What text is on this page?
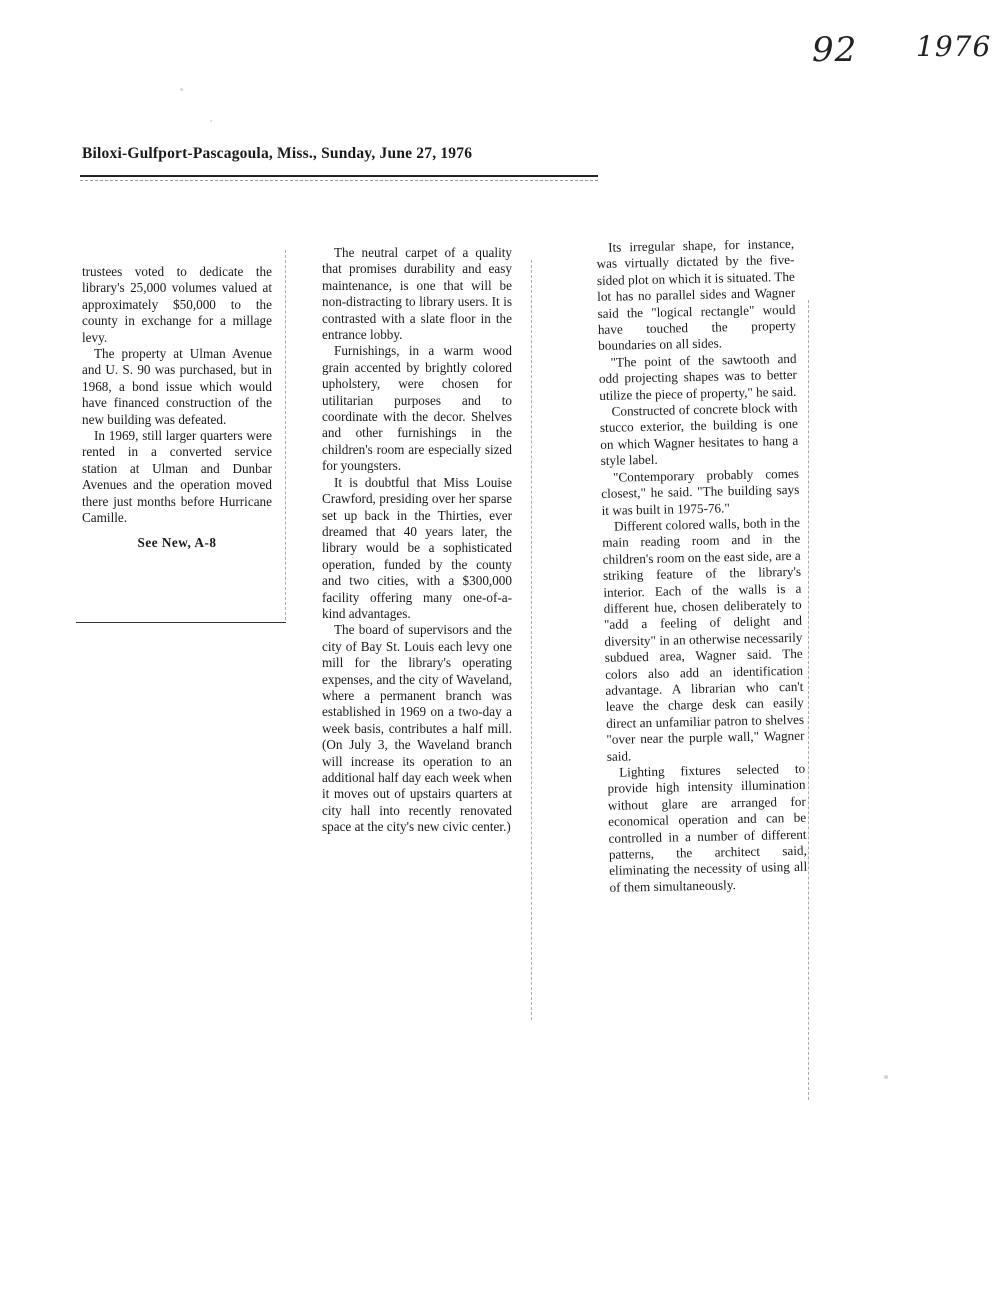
92 1976
Biloxi-Gulfport-Pascagoula, Miss., Sunday, June 27, 1976

trustees voted to dedicate the library's 25,000 volumes valued at approximately $50,000 to the county in exchange for a millage levy.

The property at Ulman Avenue and U. S. 90 was purchased, but in 1968, a bond issue which would have financed construction of the new building was defeated.

In 1969, still larger quarters were rented in a converted service station at Ulman and Dunbar Avenues and the operation moved there just months before Hurricane Camille.

See New, A-8

The neutral carpet of a quality that promises durability and easy maintenance, is one that will be non-distracting to library users. It is contrasted with a slate floor in the entrance lobby.

Furnishings, in a warm wood grain accented by brightly colored upholstery, were chosen for utilitarian purposes and to coordinate with the decor. Shelves and other furnishings in the children's room are especially sized for youngsters.

It is doubtful that Miss Louise Crawford, presiding over her sparse set up back in the Thirties, ever dreamed that 40 years later, the library would be a sophisticated operation, funded by the county and two cities, with a $300,000 facility offering many one-of-a-kind advantages.

The board of supervisors and the city of Bay St. Louis each levy one mill for the library's operating expenses, and the city of Waveland, where a permanent branch was established in 1969 on a two-day a week basis, contributes a half mill. (On July 3, the Waveland branch will increase its operation to an additional half day each week when it moves out of upstairs quarters at city hall into recently renovated space at the city's new civic center.)

Its irregular shape, for instance, was virtually dictated by the five-sided plot on which it is situated. The lot has no parallel sides and Wagner said the "logical rectangle" would have touched the property boundaries on all sides.

"The point of the sawtooth and odd projecting shapes was to better utilize the piece of property," he said.

Constructed of concrete block with stucco exterior, the building is one on which Wagner hesitates to hang a style label.

"Contemporary probably comes closest," he said. "The building says it was built in 1975-76."

Different colored walls, both in the main reading room and in the children's room on the east side, are a striking feature of the library's interior. Each of the walls is a different hue, chosen deliberately to "add a feeling of delight and diversity" in an otherwise necessarily subdued area, Wagner said. The colors also add an identification advantage. A librarian who can't leave the charge desk can easily direct an unfamiliar patron to shelves "over near the purple wall," Wagner said.

Lighting fixtures selected to provide high intensity illumination without glare are arranged for economical operation and can be controlled in a number of different patterns, the architect said, eliminating the necessity of using all of them simultaneously.
